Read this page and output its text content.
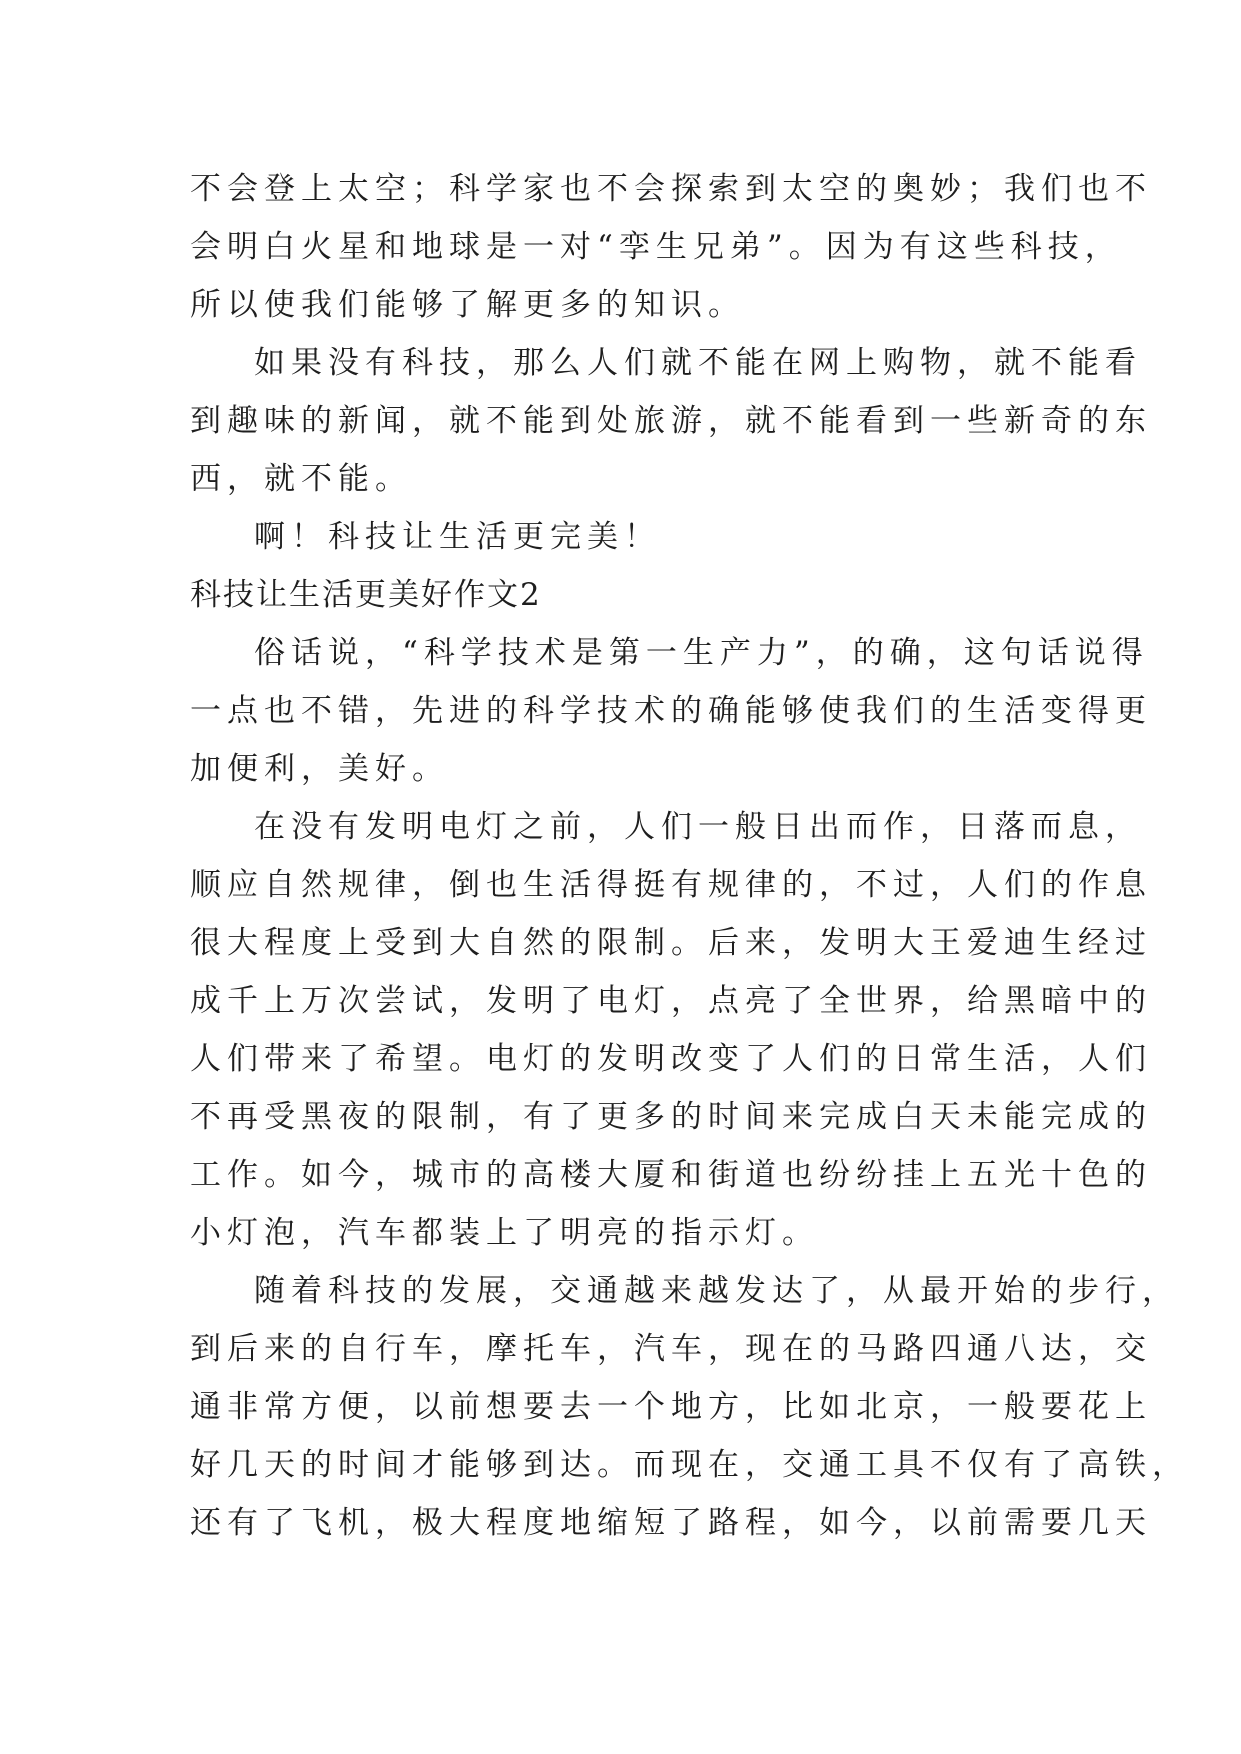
不会登上太空；科学家也不会探索到太空的奥妙；我们也不
会明白火星和地球是一对“孪生兄弟”。因为有这些科技，
所以使我们能够了解更多的知识。
如果没有科技，那么人们就不能在网上购物，就不能看
到趣味的新闻，就不能到处旅游，就不能看到一些新奇的东
西，就不能。
啊！科技让生活更完美！
科技让生活更美好作文2
俗话说，“科学技术是第一生产力”，的确，这句话说得
一点也不错，先进的科学技术的确能够使我们的生活变得更
加便利，美好。
在没有发明电灯之前，人们一般日出而作，日落而息，
顺应自然规律，倒也生活得挺有规律的，不过，人们的作息
很大程度上受到大自然的限制。后来，发明大王爱迪生经过
成千上万次尝试，发明了电灯，点亮了全世界，给黑暗中的
人们带来了希望。电灯的发明改变了人们的日常生活，人们
不再受黑夜的限制，有了更多的时间来完成白天未能完成的
工作。如今，城市的高楼大厦和街道也纷纷挂上五光十色的
小灯泡，汽车都装上了明亮的指示灯。
随着科技的发展，交通越来越发达了，从最开始的步行，
到后来的自行车，摩托车，汽车，现在的马路四通八达，交
通非常方便，以前想要去一个地方，比如北京，一般要花上
好几天的时间才能够到达。而现在，交通工具不仅有了高铁，
还有了飞机，极大程度地缩短了路程，如今，以前需要几天
